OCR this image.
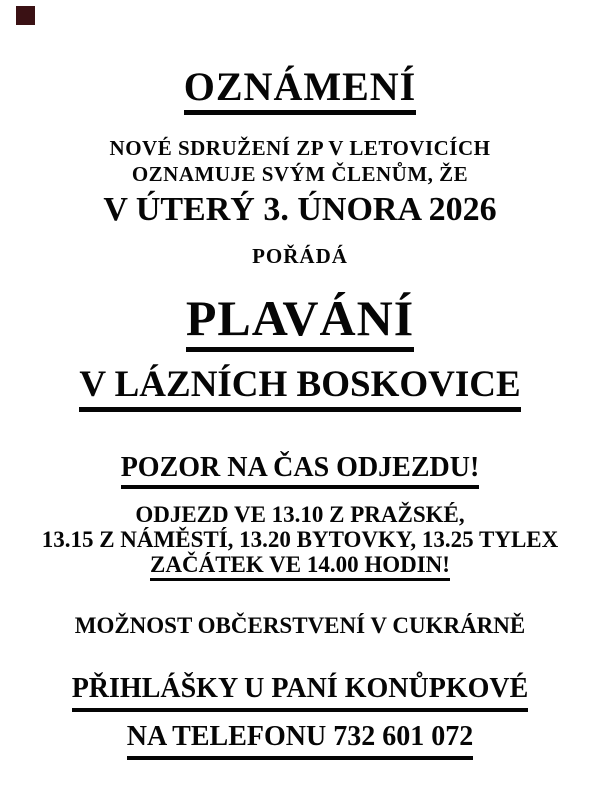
OZNÁMENÍ
NOVÉ SDRUŽENÍ ZP V LETOVICÍCH
OZNAMUJE SVÝM ČLENŮM, ŽE
V ÚTERÝ 3. ÚNORA 2026
POŘÁDÁ
PLAVÁNÍ
V LÁZNÍCH BOSKOVICE
POZOR NA ČAS ODJEZDU!
ODJEZD VE 13.10 Z PRAŽSKÉ,
13.15 Z NÁMĚSTÍ, 13.20 BYTOVKY, 13.25 TYLEX
ZAČÁTEK VE 14.00 HODIN!
MOŽNOST OBČERSTVENÍ V CUKRÁRNĚ
PŘIHLÁŠKY U PANÍ KONŮPKOVÉ
NA TELEFONU 732 601 072
